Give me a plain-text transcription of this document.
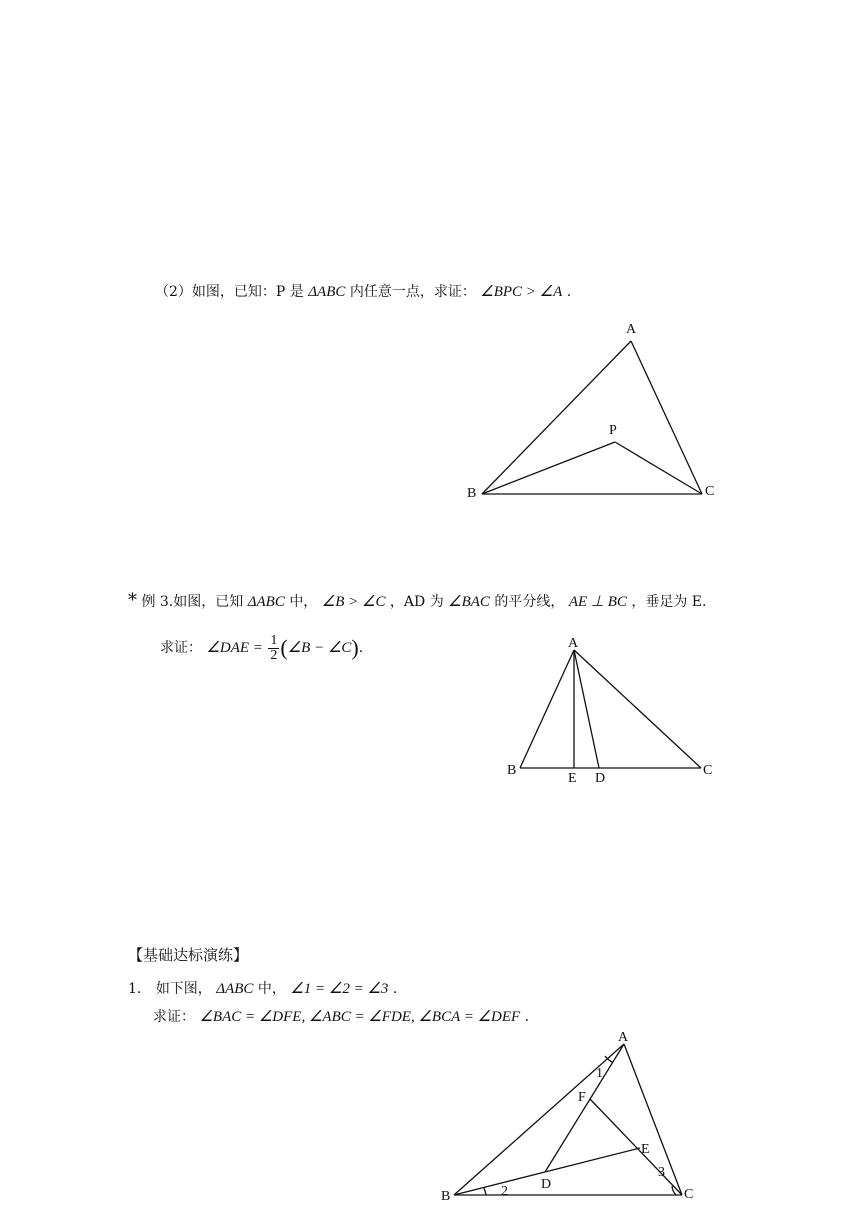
（2）如图，已知：P 是 ΔABC 内任意一点，求证： ∠BPC > ∠A .
* 例 3.如图，已知 ΔABC 中， ∠B > ∠C ，AD 为 ∠BAC 的平分线， AE ⊥ BC ，垂足为 E.
求证： ∠DAE = $\frac{1}{2}$ (∠B − ∠C).
【基础达标演练】
1. 如下图， ΔABC 中， ∠1 = ∠2 = ∠3 .
求证： ∠BAC = ∠DFE, ∠ABC = ∠FDE, ∠BCA = ∠DEF .
A
P
B	C
A
B
E D
C
A
1
F
E
3
D
2
B	C
